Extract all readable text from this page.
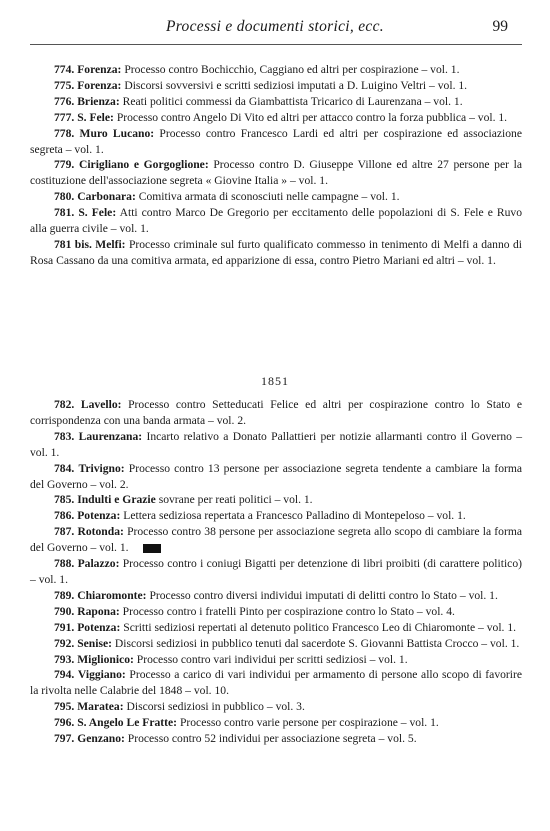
Processi e documenti storici, ecc.	99

774. Forenza: Processo contro Bochicchio, Caggiano ed altri per cospirazione – vol. 1.

775. Forenza: Discorsi sovversivi e scritti sediziosi imputati a D. Luigino Veltri – vol. 1.

776. Brienza: Reati politici commessi da Giambattista Tricarico di Laurenzana – vol. 1.

777. S. Fele: Processo contro Angelo Di Vito ed altri per attacco contro la forza pubblica – vol. 1.

778. Muro Lucano: Processo contro Francesco Lardi ed altri per cospirazione ed associazione segreta – vol. 1.

779. Cirigliano e Gorgoglione: Processo contro D. Giuseppe Villone ed altre 27 persone per la costituzione dell'associazione segreta « Giovine Italia » – vol. 1.

780. Carbonara: Comitiva armata di sconosciuti nelle campagne – vol. 1.

781. S. Fele: Atti contro Marco De Gregorio per eccitamento delle popolazioni di S. Fele e Ruvo alla guerra civile – vol. 1.

781 bis. Melfi: Processo criminale sul furto qualificato commesso in tenimento di Melfi a danno di Rosa Cassano da una comitiva armata, ed apparizione di essa, contro Pietro Mariani ed altri – vol. 1.

1851

782. Lavello: Processo contro Setteducati Felice ed altri per cospirazione contro lo Stato e corrispondenza con una banda armata – vol. 2.

783. Laurenzana: Incarto relativo a Donato Pallattieri per notizie allarmanti contro il Governo – vol. 1.

784. Trivigno: Processo contro 13 persone per associazione segreta tendente a cambiare la forma del Governo – vol. 2.

785. Indulti e Grazie sovrane per reati politici – vol. 1.

786. Potenza: Lettera sediziosa repertata a Francesco Palladino di Montepeloso – vol. 1.

787. Rotonda: Processo contro 38 persone per associazione segreta allo scopo di cambiare la forma del Governo – vol. 1.

788. Palazzo: Processo contro i coniugi Bigatti per detenzione di libri proibiti (di carattere politico) – vol. 1.

789. Chiaromonte: Processo contro diversi individui imputati di delitti contro lo Stato – vol. 1.

790. Rapona: Processo contro i fratelli Pinto per cospirazione contro lo Stato – vol. 4.

791. Potenza: Scritti sediziosi repertati al detenuto politico Francesco Leo di Chiaromonte – vol. 1.

792. Senise: Discorsi sediziosi in pubblico tenuti dal sacerdote S. Giovanni Battista Crocco – vol. 1.

793. Miglionico: Processo contro vari individui per scritti sediziosi – vol. 1.

794. Viggiano: Processo a carico di vari individui per armamento di persone allo scopo di favorire la rivolta nelle Calabrie del 1848 – vol. 10.

795. Maratea: Discorsi sediziosi in pubblico – vol. 3.

796. S. Angelo Le Fratte: Processo contro varie persone per cospirazione – vol. 1.

797. Genzano: Processo contro 52 individui per associazione segreta – vol. 5.
